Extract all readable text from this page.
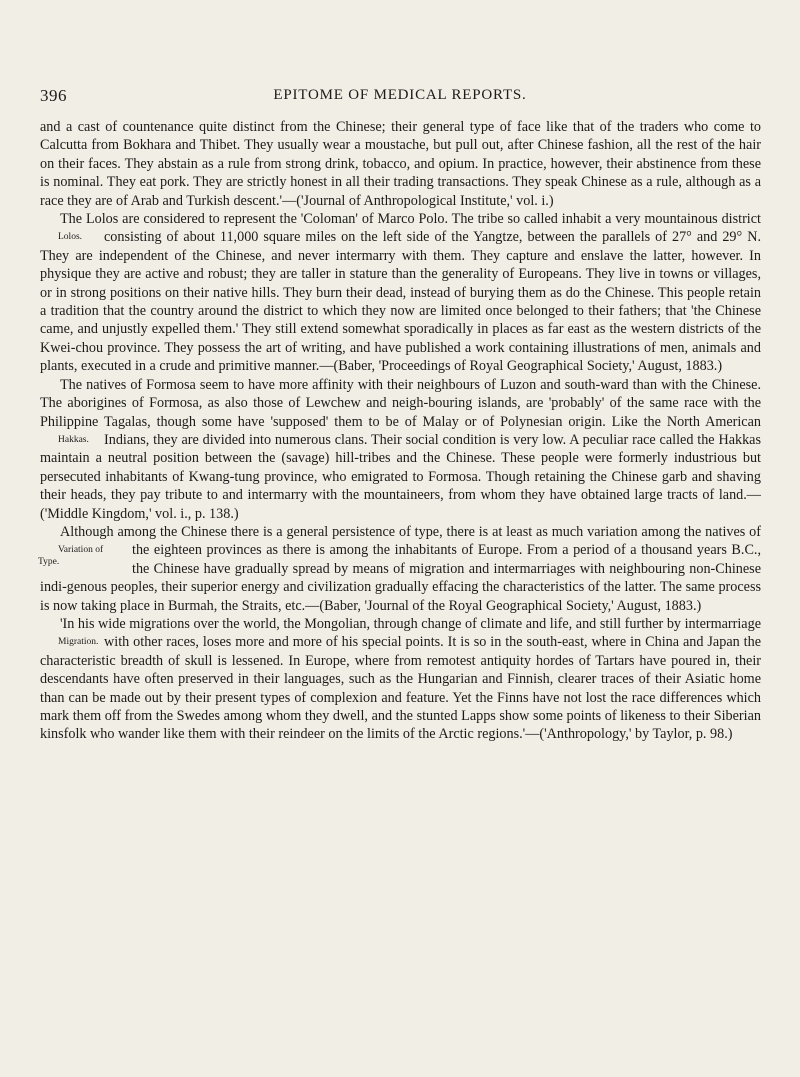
396	EPITOME OF MEDICAL REPORTS.

and a cast of countenance quite distinct from the Chinese; their general type of face like that of the traders who come to Calcutta from Bokhara and Thibet. They usually wear a moustache, but pull out, after Chinese fashion, all the rest of the hair on their faces. They abstain as a rule from strong drink, tobacco, and opium. In practice, however, their abstinence from these is nominal. They eat pork. They are strictly honest in all their trading transactions. They speak Chinese as a rule, although as a race they are of Arab and Turkish descent.'—('Journal of Anthropological Institute,' vol. i.)

The Lolos are considered to represent the 'Coloman' of Marco Polo. The tribe so called inhabit a very mountainous district consisting of about 11,000 square miles on the left side of
Lolos.	the Yangtze, between the parallels of 27° and 29° N. They are independent of the Chinese, and never intermarry with them. They capture and enslave the latter, however. In physique they are active and robust; they are taller in stature than the generality of Europeans. They live in towns or villages, or in strong positions on their native hills. They burn their dead, instead of burying them as do the Chinese. This people retain a tradition that the country around the district to which they now are limited once belonged to their fathers; that 'the Chinese came, and unjustly expelled them.' They still extend somewhat sporadically in places as far east as the western districts of the Kwei-chou province. They possess the art of writing, and have published a work containing illustrations of men, animals and plants, executed in a crude and primitive manner.—(Baber, 'Proceedings of Royal Geographical Society,' August, 1883.)

The natives of Formosa seem to have more affinity with their neighbours of Luzon and south-ward than with the Chinese. The aborigines of Formosa, as also those of Lewchew and neigh-bouring islands, are 'probably' of the same race with the Philippine Tagalas, though some have 'supposed' them to be of Malay or of Polynesian origin. Like the North American Indians, they
Hakkas.	are divided into numerous clans. Their social condition is very low. A peculiar race called the Hakkas maintain a neutral position between the (savage) hill-tribes and the Chinese. These people were formerly industrious but persecuted inhabitants of Kwang-tung province, who emigrated to Formosa. Though retaining the Chinese garb and shaving their heads, they pay tribute to and intermarry with the mountaineers, from whom they have obtained large tracts of land.—('Middle Kingdom,' vol. i., p. 138.)

Although among the Chinese there is a general persistence of type, there is at least as much variation among the natives of the eighteen provinces as there is among the inhabitants of
Variation of Type.
Europe. From a period of a thousand years B.C., the Chinese have gradually spread by means of migration and intermarriages with neighbouring non-Chinese indi-genous peoples, their superior energy and civilization gradually effacing the characteristics of the latter. The same process is now taking place in Burmah, the Straits, etc.—(Baber, 'Journal of the Royal Geographical Society,' August, 1883.)

'In his wide migrations over the world, the Mongolian, through change of climate and life, and still further by intermarriage with other races, loses more and more of his special points. It
Migration.	is so in the south-east, where in China and Japan the characteristic breadth of skull is lessened. In Europe, where from remotest antiquity hordes of Tartars have poured in, their descendants have often preserved in their languages, such as the Hungarian and Finnish, clearer traces of their Asiatic home than can be made out by their present types of complexion and feature. Yet the Finns have not lost the race differences which mark them off from the Swedes among whom they dwell, and the stunted Lapps show some points of likeness to their Siberian kinsfolk who wander like them with their reindeer on the limits of the Arctic regions.'—('Anthropology,' by Taylor, p. 98.)
